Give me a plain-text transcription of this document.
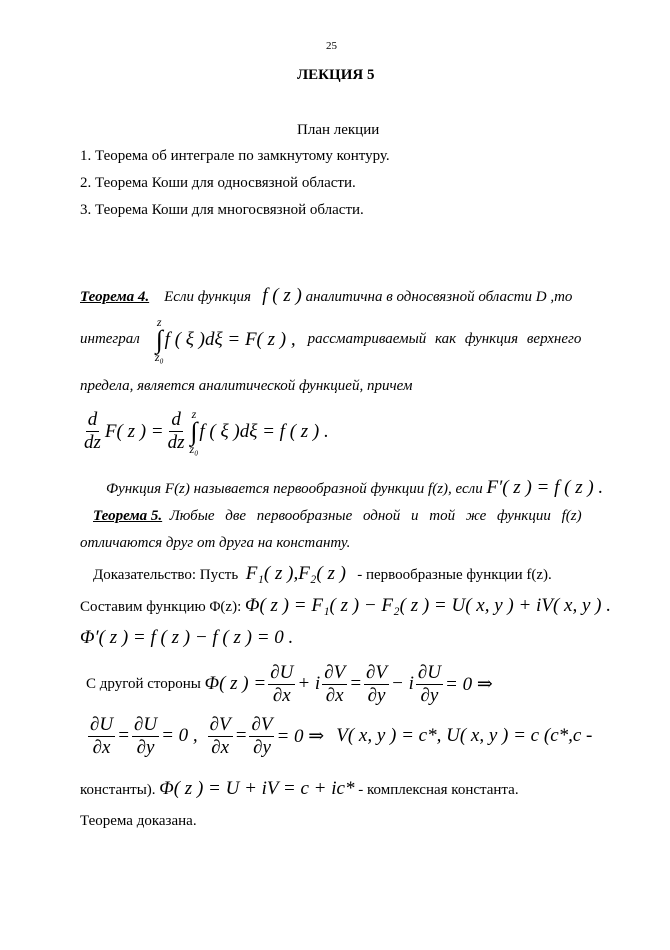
25
ЛЕКЦИЯ 5
План лекции
1. Теорема об интеграле по замкнутому контуру.
2. Теорема Коши для односвязной области.
3. Теорема Коши для многосвязной области.
Теорема 4. Если функция f ( z ) аналитична в односвязной области D ,то
интеграл
z
∫
z₀
f ( ξ )dξ = F( z ) , рассматриваемый как функция верхнего
предела, является аналитической функцией, причем
$\frac{d}{dz} F$( z ) = $\frac{d}{dz}$ z
∫
z₀
f ( ξ )dξ = f ( z ) .
Функция F(z) называется первообразной функции f(z), если F′( z ) = f ( z ) .
Теорема 5. Любые две первообразные одной и той же функции f(z)
отличаются друг от друга на константу.
Доказательство: Пусть F₁( z ),F₂( z ) - первообразные функции f(z).
Составим функцию Φ(z): Φ( z ) = F₁( z ) − F₂( z ) = U( x, y ) + iV( x, y ) .
Φ′( z ) = f ( z ) − f ( z ) = 0 .
С другой стороны
Φ( z ) = $\frac{\partial U}{\partial x} + i \frac{\partial V}{\partial x} = \frac{\partial V}{\partial y} - i \frac{\partial U}{\partial y} = 0$ ⇒
$\frac{\partial U}{\partial x} = \frac{\partial U}{\partial y} = 0$ , $\frac{\partial V}{\partial x} = \frac{\partial V}{\partial y} = 0$ ⇒ V( x, y ) = c*, U( x, y ) = c (c*,c -
константы). Φ( z ) = U + iV = c + ic* - комплексная константа.
Теорема доказана.
